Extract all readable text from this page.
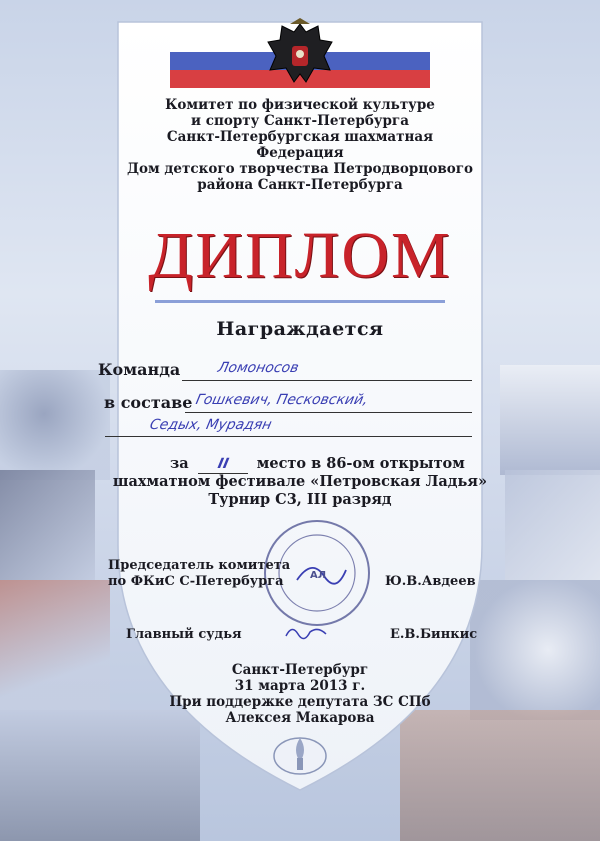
Комитет по физической культуре
и спорту Санкт-Петербурга
Санкт-Петербургская шахматная
Федерация
Дом детского творчества Петродворцового
района Санкт-Петербурга
ДИПЛОМ
Награждается
Команда	Ломоносов
в составе Гошкевич, Песковский,
Седых, Мурадян
за II место в 86-ом открытом
шахматном фестивале «Петровская Ладья»
Турнир С3, III разряд
АЛ
Председатель комитета
по ФКиС С-Петербурга	Ю.В.Авдеев
Главный судья	Е.В.Бинкис
Санкт-Петербург
31 марта 2013 г.
При поддержке депутата ЗС СПб
Алексея Макарова
